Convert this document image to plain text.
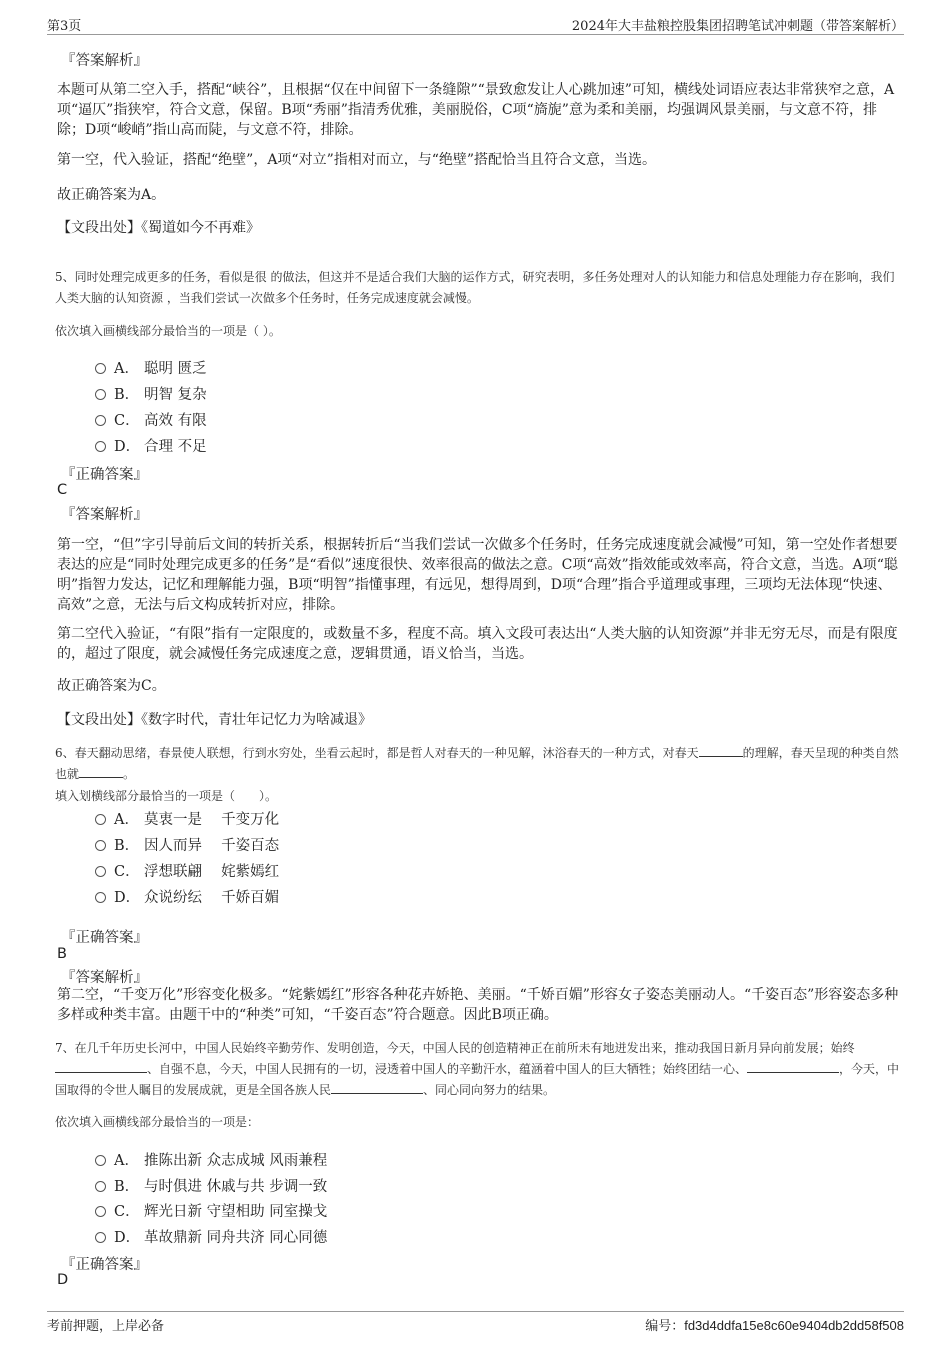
第3页	2024年大丰盐粮控股集团招聘笔试冲刺题（带答案解析）
『答案解析』
本题可从第二空入手，搭配“峡谷”，且根据“仅在中间留下一条缝隙”“景致愈发让人心跳加速”可知，横线处词语应表达非常狭窄之意，A项“逼仄”指狭窄，符合文意，保留。B项“秀丽”指清秀优雅，美丽脱俗，C项“旖旎”意为柔和美丽，均强调风景美丽，与文意不符，排除；D项“峻峭”指山高而陡，与文意不符，排除。
第一空，代入验证，搭配“绝壁”，A项“对立”指相对而立，与“绝壁”搭配恰当且符合文意，当选。
故正确答案为A。
【文段出处】《蜀道如今不再难》
5、同时处理完成更多的任务，看似是很 的做法，但这并不是适合我们大脑的运作方式，研究表明，多任务处理对人的认知能力和信息处理能力存在影响，我们人类大脑的认知资源 ，当我们尝试一次做多个任务时，任务完成速度就会减慢。
依次填入画横线部分最恰当的一项是（ ）。
A． 聪明 匮乏
B． 明智 复杂
C． 高效 有限
D． 合理 不足
『正确答案』
C
『答案解析』
第一空，“但”字引导前后文间的转折关系，根据转折后“当我们尝试一次做多个任务时，任务完成速度就会减慢”可知，第一空处作者想要表达的应是“同时处理完成更多的任务”是“看似”速度很快、效率很高的做法之意。C项“高效”指效能或效率高，符合文意，当选。A项“聪明”指智力发达，记忆和理解能力强，B项“明智”指懂事理，有远见，想得周到，D项“合理”指合乎道理或事理，三项均无法体现“快速、高效”之意，无法与后文构成转折对应，排除。
第二空代入验证，“有限”指有一定限度的，或数量不多，程度不高。填入文段可表达出“人类大脑的认知资源”并非无穷无尽，而是有限度的，超过了限度，就会减慢任务完成速度之意，逻辑贯通，语义恰当，当选。
故正确答案为C。
【文段出处】《数字时代，青壮年记忆力为啥减退》
6、春天翻动思绪，春景使人联想，行到水穷处，坐看云起时，都是哲人对春天的一种见解，沐浴春天的一种方式，对春天	的理解，春天呈现的种类自然也就	。
填入划横线部分最恰当的一项是（　　）。
A． 莫衷一是　 千变万化
B． 因人而异　 千姿百态
C． 浮想联翩　 姹紫嫣红
D． 众说纷纭　 千娇百媚
『正确答案』
B
『答案解析』
第二空，“千变万化”形容变化极多。“姹紫嫣红”形容各种花卉娇艳、美丽。“千娇百媚”形容女子姿态美丽动人。“千姿百态”形容姿态多种多样或种类丰富。由题干中的“种类”可知，“千姿百态”符合题意。因此B项正确。
7、在几千年历史长河中，中国人民始终辛勤劳作、发明创造，今天，中国人民的创造精神正在前所未有地迸发出来，推动我国日新月异向前发展；始终、自强不息，今天，中国人民拥有的一切，浸透着中国人的辛勤汗水，蕴涵着中国人的巨大牺牲；始终团结一心、	，今天，中国取得的令世人瞩目的发展成就，更是全国各族人民	、同心同向努力的结果。
依次填入画横线部分最恰当的一项是：
A． 推陈出新 众志成城 风雨兼程
B． 与时俱进 休戚与共 步调一致
C． 辉光日新 守望相助 同室操戈
D． 革故鼎新 同舟共济 同心同德
『正确答案』
D
考前押题，上岸必备	编号：fd3d4ddfa15e8c60e9404db2dd58f508
